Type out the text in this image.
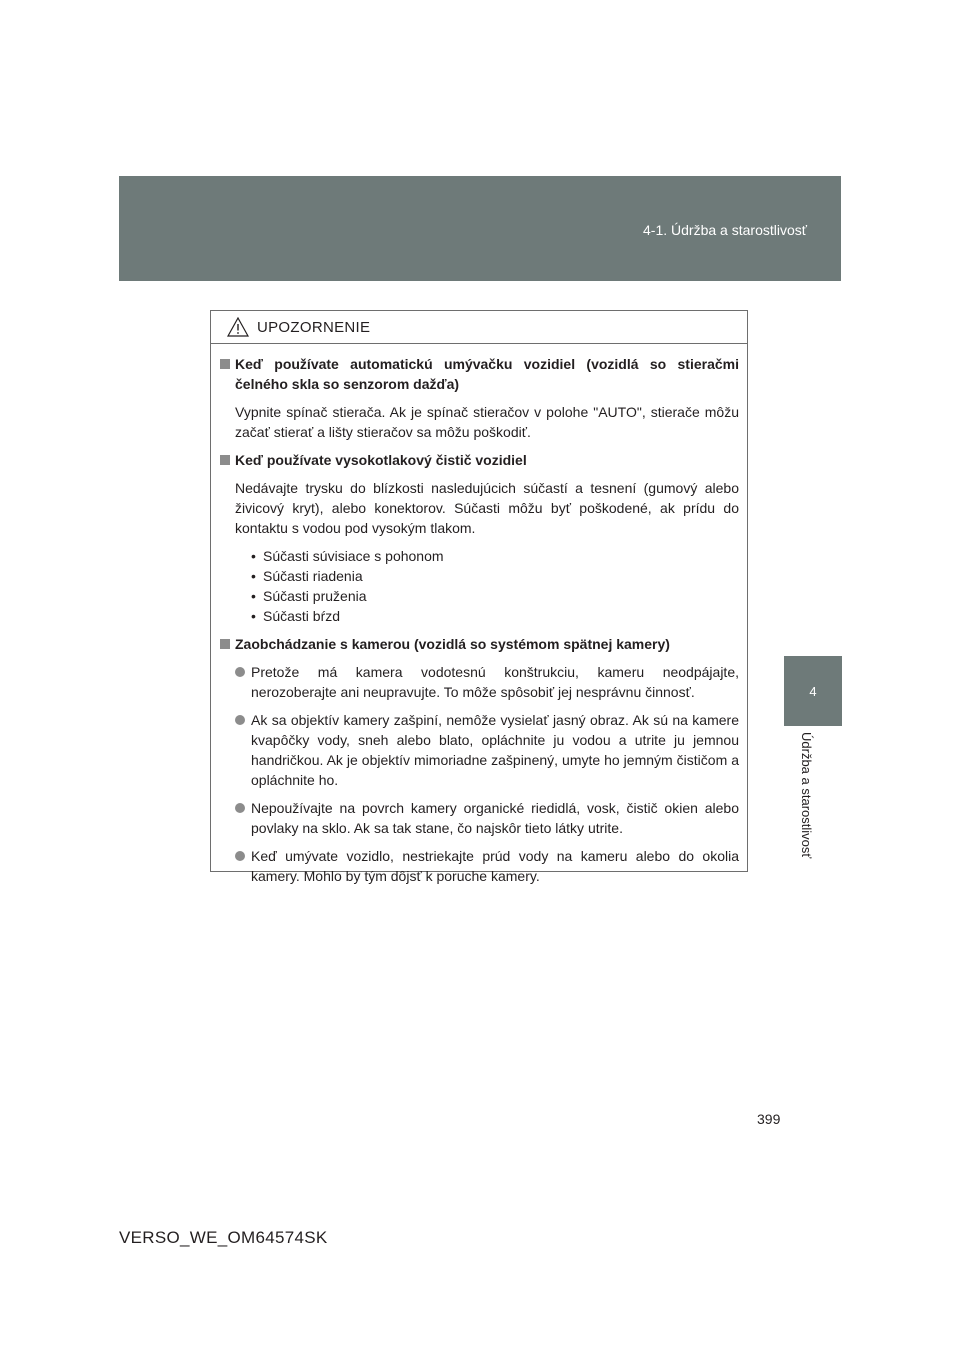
4-1. Údržba a starostlivosť
4
Údržba a starostlivosť
UPOZORNENIE
Keď používate automatickú umývačku vozidiel (vozidlá so stieračmi čelného skla so senzorom dažďa)
Vypnite spínač stierača. Ak je spínač stieračov v polohe "AUTO", stierače môžu začať stierať a lišty stieračov sa môžu poškodiť.
Keď používate vysokotlakový čistič vozidiel
Nedávajte trysku do blízkosti nasledujúcich súčastí a tesnení (gumový alebo živicový kryt), alebo konektorov. Súčasti môžu byť poškodené, ak prídu do kontaktu s vodou pod vysokým tlakom.
• Súčasti súvisiace s pohonom
• Súčasti riadenia
• Súčasti pruženia
• Súčasti bŕzd
Zaobchádzanie s kamerou (vozidlá so systémom spätnej kamery)
Pretože má kamera vodotesnú konštrukciu, kameru neodpájajte, nerozoberajte ani neupravujte. To môže spôsobiť jej nesprávnu činnosť.
Ak sa objektív kamery zašpiní, nemôže vysielať jasný obraz. Ak sú na kamere kvapôčky vody, sneh alebo blato, opláchnite ju vodou a utrite ju jemnou handričkou. Ak je objektív mimoriadne zašpinený, umyte ho jemným čističom a opláchnite ho.
Nepoužívajte na povrch kamery organické riedidlá, vosk, čistič okien alebo povlaky na sklo. Ak sa tak stane, čo najskôr tieto látky utrite.
Keď umývate vozidlo, nestriekajte prúd vody na kameru alebo do okolia kamery. Mohlo by tým dôjsť k poruche kamery.
399
VERSO_WE_OM64574SK
